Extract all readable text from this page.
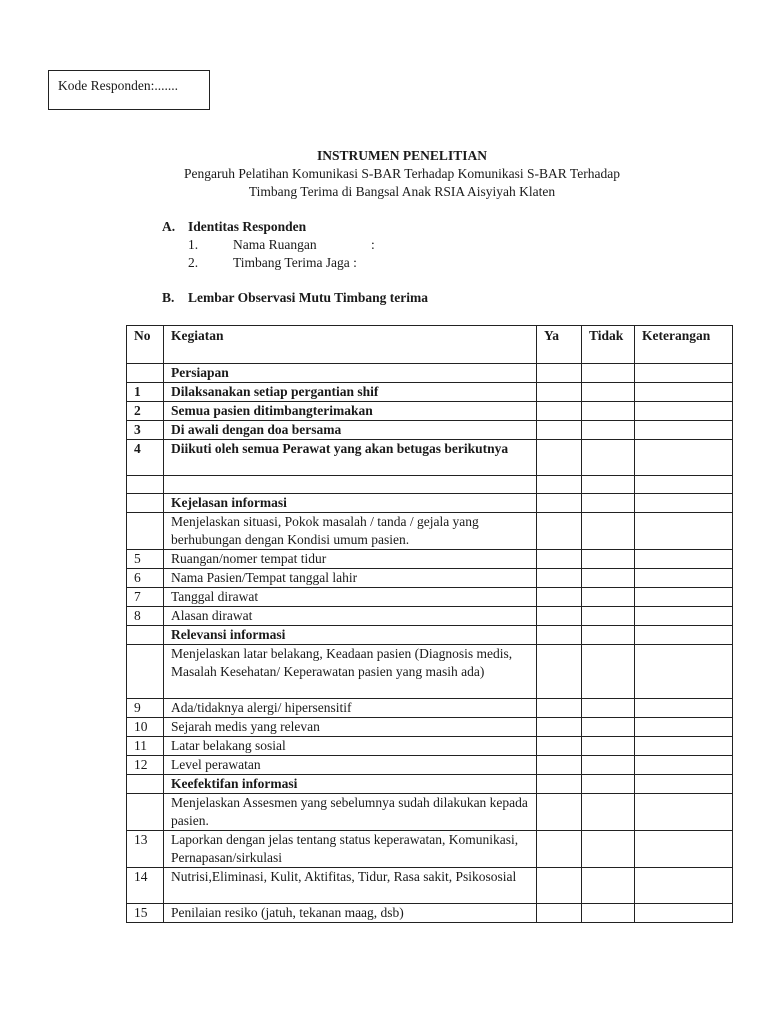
Kode Responden:.......
INSTRUMEN PENELITIAN
Pengaruh Pelatihan Komunikasi S-BAR Terhadap Komunikasi S-BAR Terhadap
Timbang Terima di Bangsal Anak RSIA Aisyiyah Klaten
A. Identitas Responden
1.	Nama Ruangan	:
2.	Timbang Terima Jaga :
B. Lembar Observasi Mutu Timbang terima
No	Kegiatan	Ya	Tidak	Keterangan
	Persiapan			
1	Dilaksanakan setiap pergantian shif			
2	Semua pasien ditimbangterimakan			
3	Di awali dengan doa bersama			
4	Diikuti oleh semua Perawat yang akan betugas berikutnya			

	Kejelasan informasi			
	Menjelaskan situasi, Pokok masalah / tanda / gejala yang berhubungan dengan Kondisi umum pasien.			
5	Ruangan/nomer tempat tidur			
6	Nama Pasien/Tempat tanggal lahir			
7	Tanggal dirawat			
8	Alasan dirawat			
	Relevansi informasi			
	Menjelaskan latar belakang, Keadaan pasien (Diagnosis medis, Masalah Kesehatan/ Keperawatan pasien yang masih ada)			
9	Ada/tidaknya alergi/ hipersensitif			
10	Sejarah medis yang relevan			
11	Latar belakang sosial			
12	Level perawatan			
	Keefektifan informasi			
	Menjelaskan Assesmen yang sebelumnya sudah dilakukan kepada pasien.			
13	Laporkan dengan jelas tentang status keperawatan, Komunikasi, Pernapasan/sirkulasi			
14	Nutrisi,Eliminasi, Kulit, Aktifitas, Tidur, Rasa sakit, Psikososial			
15	Penilaian resiko (jatuh, tekanan maag, dsb)			
